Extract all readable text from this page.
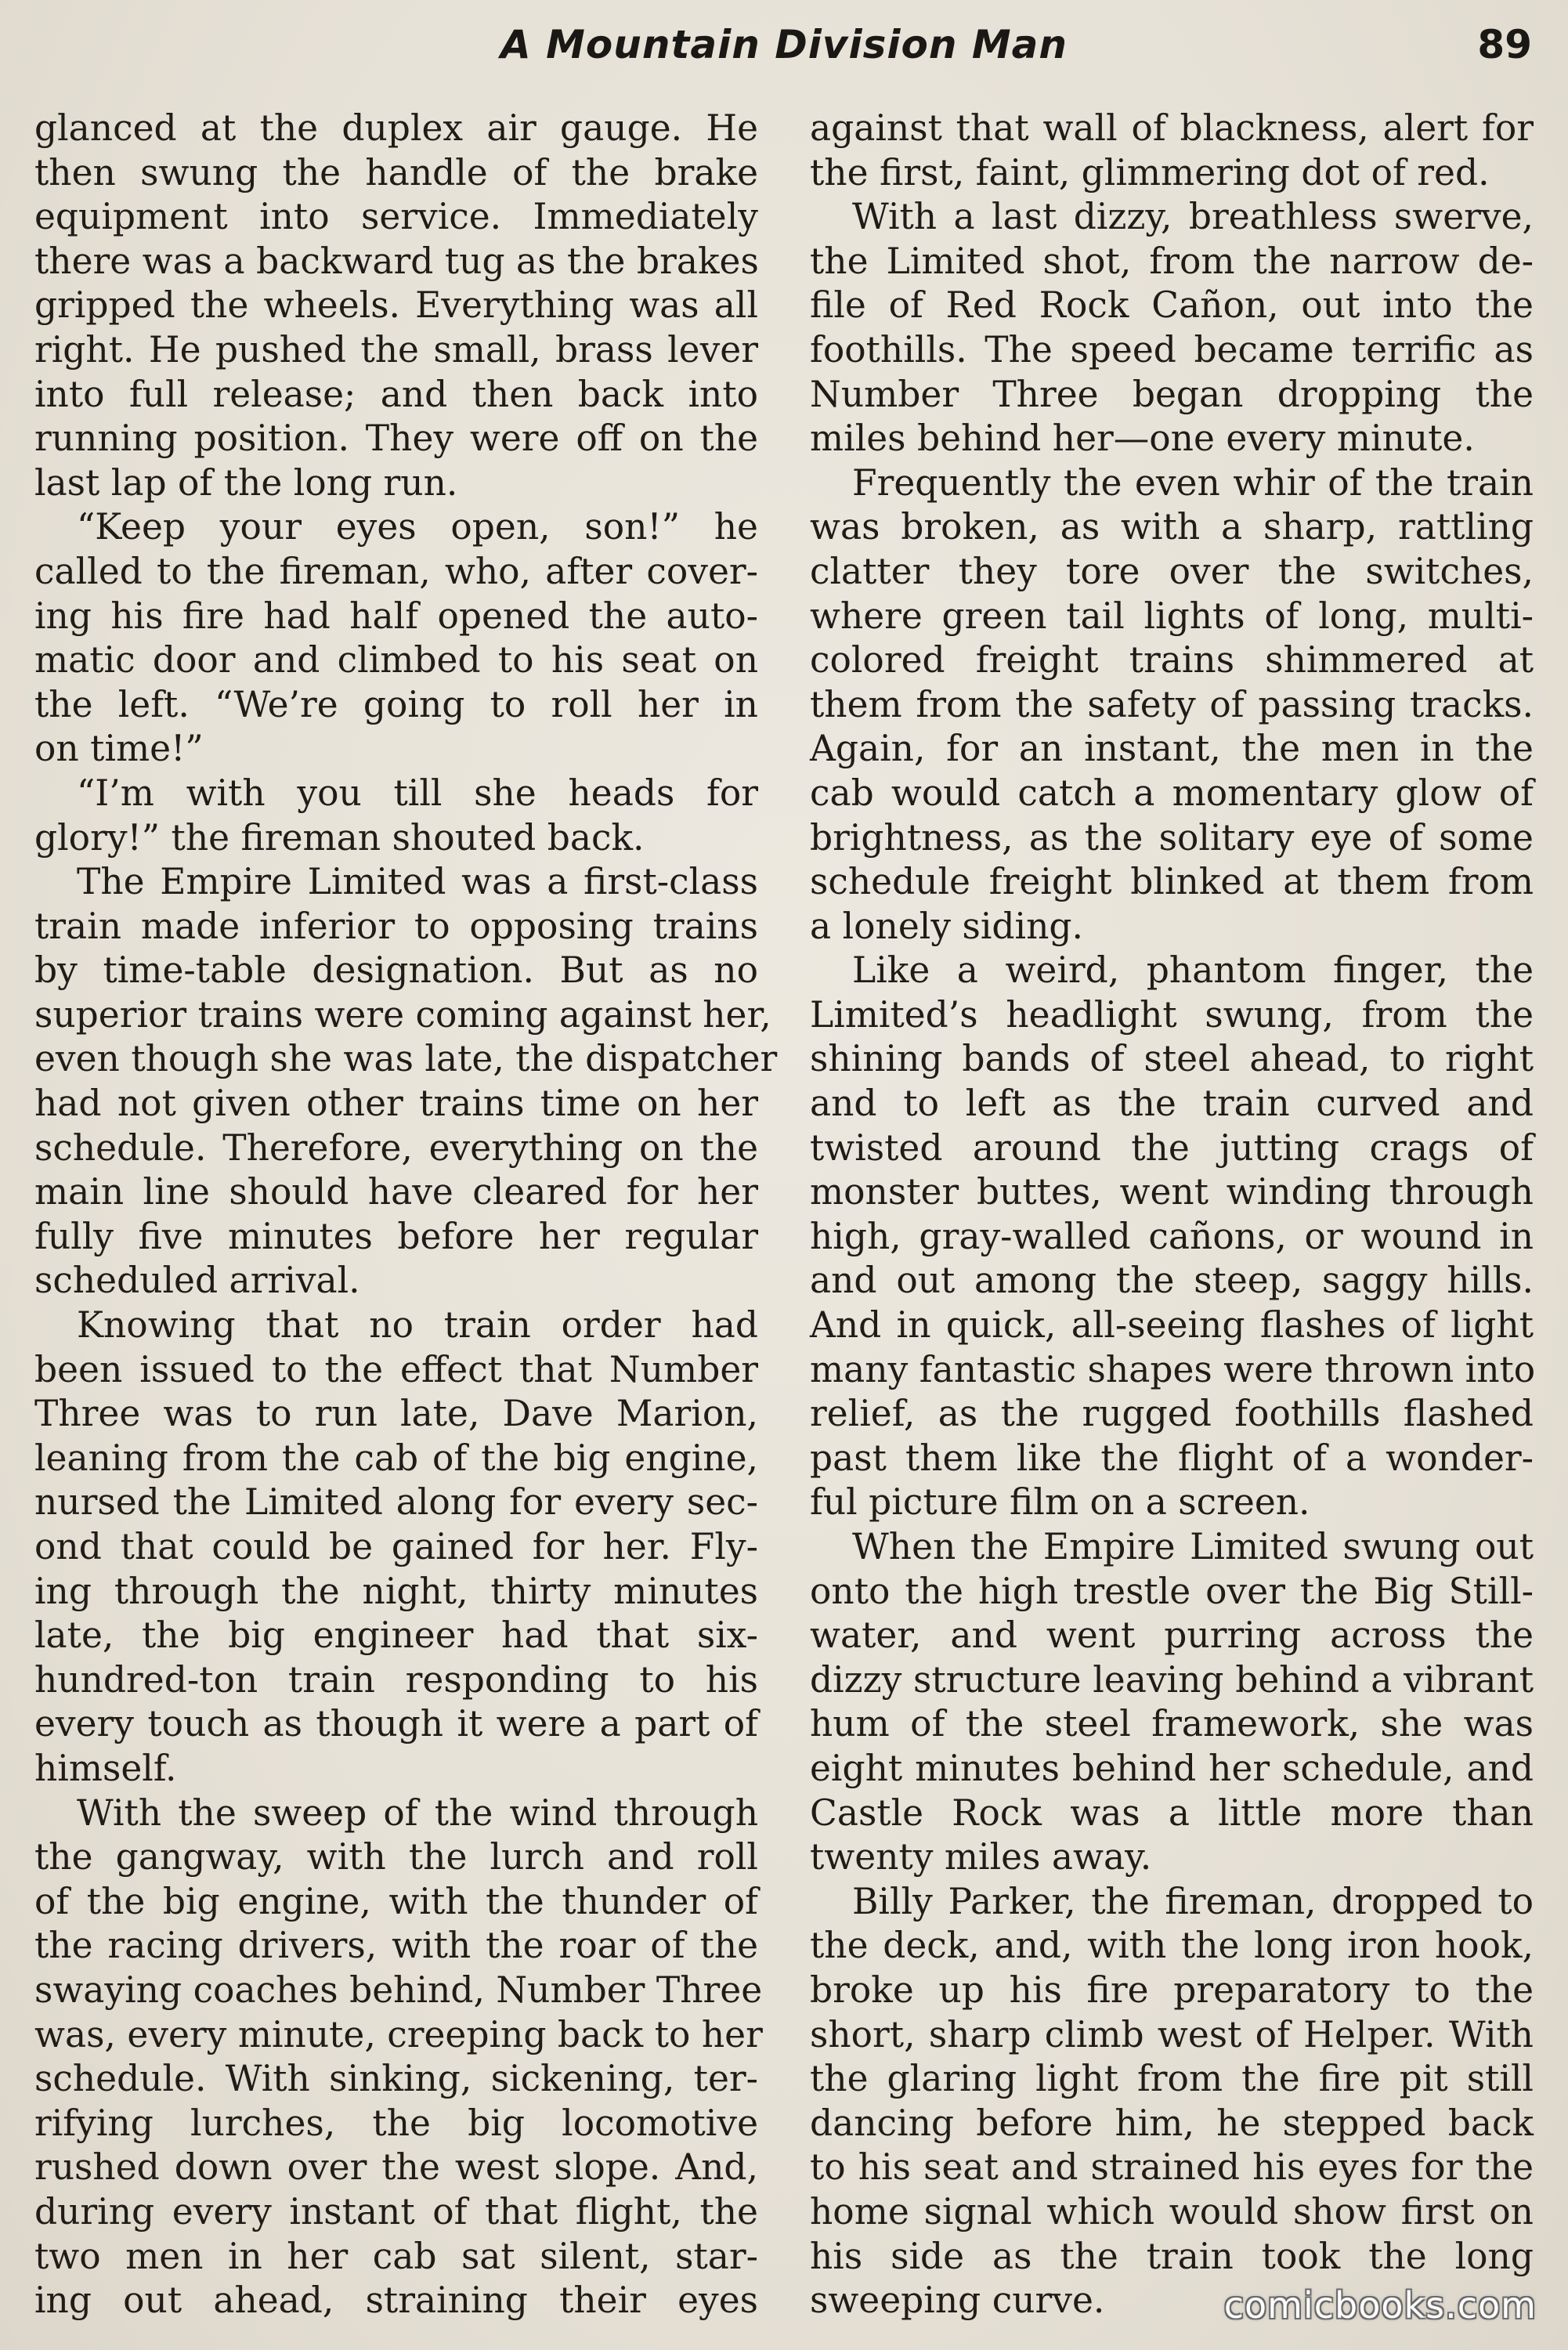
A Mountain Division Man	89
glanced at the duplex air gauge. He
then swung the handle of the brake
equipment into service. Immediately
there was a backward tug as the brakes
gripped the wheels. Everything was all
right. He pushed the small, brass lever
into full release; and then back into
running position. They were off on the
last lap of the long run.
“Keep your eyes open, son!” he
called to the fireman, who, after cover-
ing his fire had half opened the auto-
matic door and climbed to his seat on
the left. “We’re going to roll her in
on time!”
“I’m with you till she heads for
glory!” the fireman shouted back.
The Empire Limited was a first-class
train made inferior to opposing trains
by time-table designation. But as no
superior trains were coming against her,
even though she was late, the dispatcher
had not given other trains time on her
schedule. Therefore, everything on the
main line should have cleared for her
fully five minutes before her regular
scheduled arrival.
Knowing that no train order had
been issued to the effect that Number
Three was to run late, Dave Marion,
leaning from the cab of the big engine,
nursed the Limited along for every sec-
ond that could be gained for her. Fly-
ing through the night, thirty minutes
late, the big engineer had that six-
hundred-ton train responding to his
every touch as though it were a part of
himself.
With the sweep of the wind through
the gangway, with the lurch and roll
of the big engine, with the thunder of
the racing drivers, with the roar of the
swaying coaches behind, Number Three
was, every minute, creeping back to her
schedule. With sinking, sickening, ter-
rifying lurches, the big locomotive
rushed down over the west slope. And,
during every instant of that flight, the
two men in her cab sat silent, star-
ing out ahead, straining their eyes
against that wall of blackness, alert for
the first, faint, glimmering dot of red.
With a last dizzy, breathless swerve,
the Limited shot, from the narrow de-
file of Red Rock Cañon, out into the
foothills. The speed became terrific as
Number Three began dropping the
miles behind her—one every minute.
Frequently the even whir of the train
was broken, as with a sharp, rattling
clatter they tore over the switches,
where green tail lights of long, multi-
colored freight trains shimmered at
them from the safety of passing tracks.
Again, for an instant, the men in the
cab would catch a momentary glow of
brightness, as the solitary eye of some
schedule freight blinked at them from
a lonely siding.
Like a weird, phantom finger, the
Limited’s headlight swung, from the
shining bands of steel ahead, to right
and to left as the train curved and
twisted around the jutting crags of
monster buttes, went winding through
high, gray-walled cañons, or wound in
and out among the steep, saggy hills.
And in quick, all-seeing flashes of light
many fantastic shapes were thrown into
relief, as the rugged foothills flashed
past them like the flight of a wonder-
ful picture film on a screen.
When the Empire Limited swung out
onto the high trestle over the Big Still-
water, and went purring across the
dizzy structure leaving behind a vibrant
hum of the steel framework, she was
eight minutes behind her schedule, and
Castle Rock was a little more than
twenty miles away.
Billy Parker, the fireman, dropped to
the deck, and, with the long iron hook,
broke up his fire preparatory to the
short, sharp climb west of Helper. With
the glaring light from the fire pit still
dancing before him, he stepped back
to his seat and strained his eyes for the
home signal which would show first on
his side as the train took the long
sweeping curve.	comicbooks.com
